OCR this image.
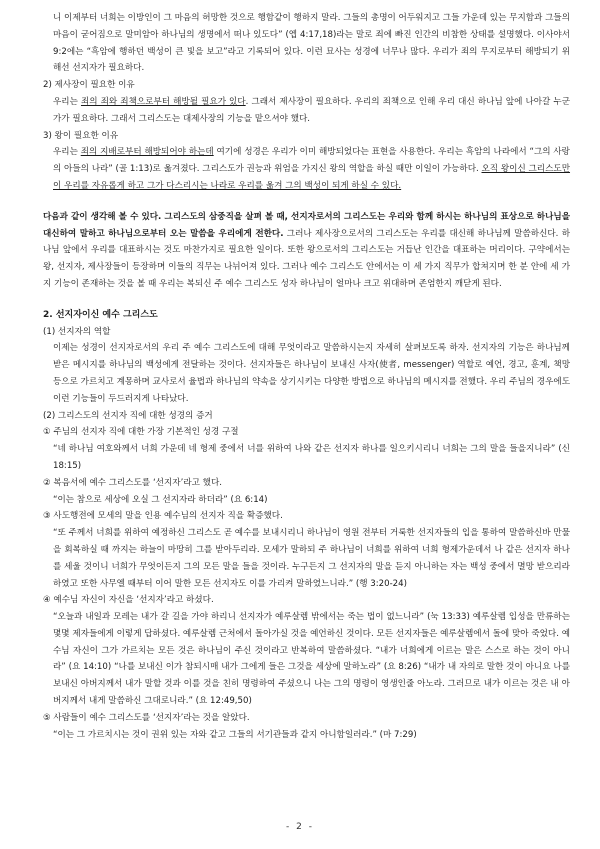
니 이제부터 너희는 이방인이 그 마음의 허망한 것으로 행함같이 행하지 말라. 그들의 총명이 어두워지고 그들 가운데 있는 무지함과 그들의 마음이 굳어짐으로 말미암아 하나님의 생명에서 떠나 있도다” (엡 4:17,18)라는 말로 죄에 빠진 인간의 비참한 상태를 설명했다. 이사야서 9:2에는 “흑암에 행하던 백성이 큰 빛을 보고”라고 기록되어 있다. 이런 묘사는 성경에 너무나 많다. 우리가 죄의 무지로부터 해방되기 위해선 선지자가 필요하다.

2) 제사장이 필요한 이유

우리는 죄의 죄와 죄책으로부터 해방될 필요가 있다. 그래서 제사장이 필요하다. 우리의 죄책으로 인해 우리 대신 하나님 앞에 나아갈 누군가가 필요하다. 그래서 그리스도는 대제사장의 기능을 맡으셔야 했다.

3) 왕이 필요한 이유

우리는 죄의 지배로부터 해방되어야 하는데 여기에 성경은 우리가 이미 해방되었다는 표현을 사용한다. 우리는 흑암의 나라에서 “그의 사랑의 아들의 나라” (골 1:13)로 옮겨졌다. 그리스도가 권능과 위엄을 가지신 왕의 역할을 하실 때만 이일이 가능하다. 오직 왕이신 그리스도만이 우리를 자유롭게 하고 그가 다스리시는 나라로 우리를 옮겨 그의 백성이 되게 하실 수 있다.

다음과 같이 생각해 볼 수 있다. 그리스도의 삼중직을 살펴 볼 때, 선지자로서의 그리스도는 우리와 함께 하시는 하나님의 표상으로 하나님을 대신하여 말하고 하나님으로부터 오는 말씀을 우리에게 전한다. 그러나 제사장으로서의 그리스도는 우리를 대신해 하나님께 말씀하신다. 하나님 앞에서 우리를 대표하시는 것도 마찬가지로 필요한 일이다. 또한 왕으로서의 그리스도는 거듭난 인간을 대표하는 머리이다. 구약에서는 왕, 선지자, 제사장들이 등장하며 이들의 직무는 나뉘어져 있다. 그러나 예수 그리스도 안에서는 이 세 가지 직무가 합쳐지며 한 분 안에 세 가지 기능이 존재하는 것을 볼 때 우리는 복되신 주 예수 그리스도 성자 하나님이 얼마나 크고 위대하며 존엄한지 깨닫게 된다.

2. 선지자이신 예수 그리스도

(1) 선지자의 역할

이제는 성경이 선지자로서의 우리 주 예수 그리스도에 대해 무엇이라고 말씀하시는지 자세히 살펴보도록 하자. 선지자의 기능은 하나님께 받은 메시지를 하나님의 백성에게 전달하는 것이다. 선지자들은 하나님이 보내신 사자(使者, messenger) 역할로 예언, 경고, 훈계, 책망 등으로 가르치고 계몽하며 교사로서 율법과 하나님의 약속을 상기시키는 다양한 방법으로 하나님의 메시지를 전했다. 우리 주님의 경우에도 이런 기능들이 두드러지게 나타났다.

(2) 그리스도의 선지자 직에 대한 성경의 증거

① 주님의 선지자 직에 대한 가장 기본적인 성경 구절

“네 하나님 여호와께서 너희 가운데 네 형제 중에서 너를 위하여 나와 같은 선지자 하나를 일으키시리니 너희는 그의 말을 들을지니라” (신 18:15)

② 복음서에 예수 그리스도를 ‘선지자’라고 했다.

“이는 참으로 세상에 오실 그 선지자라 하더라” (요 6:14)

③ 사도행전에 모세의 말을 인용 예수님의 선지자 직을 확증했다.

“또 주께서 너희를 위하여 예정하신 그리스도 곧 예수를 보내시리니 하나님이 영원 전부터 거룩한 선지자들의 입을 통하여 말씀하신바 만물을 회복하실 때 까지는 하늘이 마땅히 그를 받아두리라. 모세가 말하되 주 하나님이 너희를 위하여 너희 형제가운데서 나 같은 선지자 하나를 세울 것이니 너희가 무엇이든지 그의 모든 말을 들을 것이라. 누구든지 그 선지자의 말을 듣지 아니하는 자는 백성 중에서 멸망 받으리라 하였고 또한 사무엘 때부터 이어 말한 모든 선지자도 이를 가리켜 말하였느니라.” (행 3:20-24)

④ 예수님 자신이 자신을 ‘선지자’라고 하셨다.

“오늘과 내일과 모레는 내가 갈 길을 가야 하리니 선지자가 예루살렘 밖에서는 죽는 법이 없느니라” (눅 13:33) 예루살렘 입성을 만류하는 몇몇 제자들에게 이렇게 답하셨다. 예루살렘 근처에서 돌아가실 것을 예언하신 것이다. 모든 선지자들은 예루살렘에서 돌에 맞아 죽었다. 예수님 자신이 그가 가르치는 모든 것은 하나님이 주신 것이라고 반복하여 말씀하셨다. “내가 너희에게 이르는 말은 스스로 하는 것이 아니라” (요 14:10) “나를 보내신 이가 참되시매 내가 그에게 들은 그것을 세상에 말하노라” (요 8:26) “내가 내 자의로 말한 것이 아니요 나를 보내신 아버지께서 내가 말할 것과 이를 것을 친히 명령하여 주셨으니 나는 그의 명령이 영생인줄 아노라. 그러므로 내가 이르는 것은 내 아버지께서 내게 말씀하신 그대로니라.” (요 12:49,50)

⑤ 사람들이 예수 그리스도를 ‘선지자’라는 것을 알았다.

“이는 그 가르치시는 것이 권위 있는 자와 같고 그들의 서기관들과 같지 아니함일러라.” (마 7:29)

- 2 -
